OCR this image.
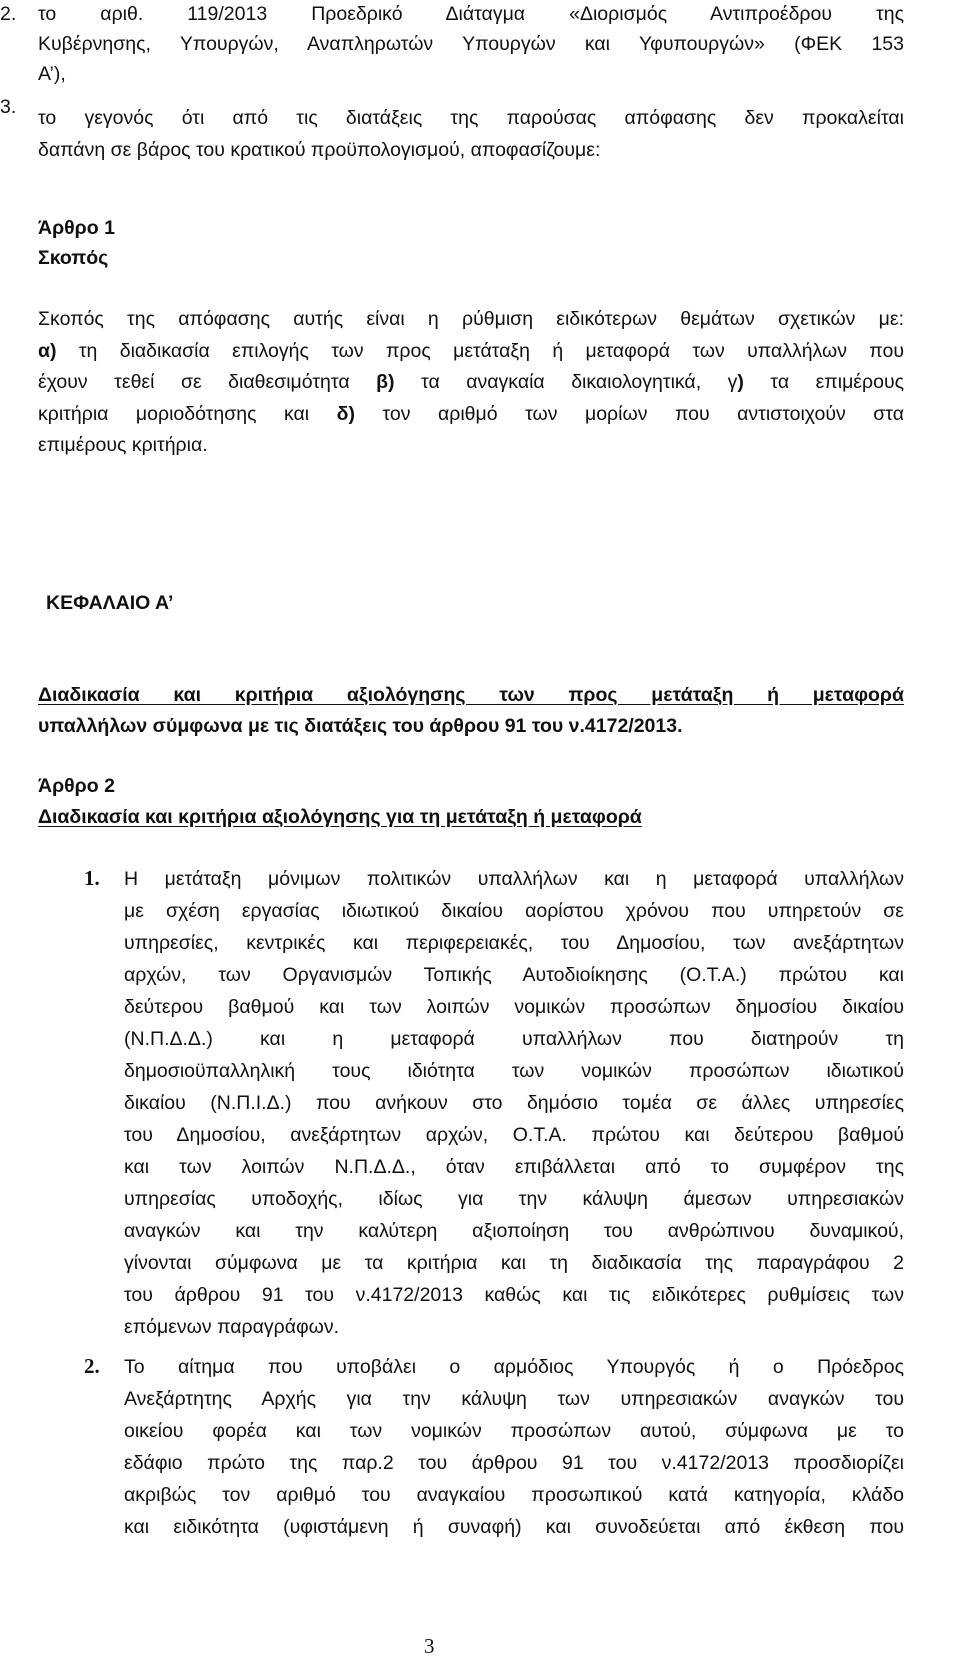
2. το αριθ. 119/2013 Προεδρικό Διάταγμα «Διορισμός Αντιπροέδρου της
Κυβέρνησης, Υπουργών, Αναπληρωτών Υπουργών και Υφυπουργών» (ΦΕΚ 153
Α’),
3. το γεγονός ότι από τις διατάξεις της παρούσας απόφασης δεν προκαλείται
δαπάνη σε βάρος του κρατικού προϋπολογισμού, αποφασίζουμε:
Άρθρο 1
Σκοπός
Σκοπός της απόφασης αυτής είναι η ρύθμιση ειδικότερων θεμάτων σχετικών με:
α) τη διαδικασία επιλογής των προς μετάταξη ή μεταφορά των υπαλλήλων που
έχουν τεθεί σε διαθεσιμότητα β) τα αναγκαία δικαιολογητικά, γ) τα επιμέρους
κριτήρια μοριοδότησης και δ) τον αριθμό των μορίων που αντιστοιχούν στα
επιμέρους κριτήρια.
ΚΕΦΑΛΑΙΟ Α’
Διαδικασία και κριτήρια αξιολόγησης των προς μετάταξη ή μεταφορά
υπαλλήλων σύμφωνα με τις διατάξεις του άρθρου 91 του ν.4172/2013.
Άρθρο 2
Διαδικασία και κριτήρια αξιολόγησης για τη μετάταξη ή μεταφορά
1. Η μετάταξη μόνιμων πολιτικών υπαλλήλων και η μεταφορά υπαλλήλων
με σχέση εργασίας ιδιωτικού δικαίου αορίστου χρόνου που υπηρετούν σε
υπηρεσίες, κεντρικές και περιφερειακές, του Δημοσίου, των ανεξάρτητων
αρχών, των Οργανισμών Τοπικής Αυτοδιοίκησης (Ο.Τ.Α.) πρώτου και
δεύτερου βαθμού και των λοιπών νομικών προσώπων δημοσίου δικαίου
(Ν.Π.Δ.Δ.) και η μεταφορά υπαλλήλων που διατηρούν τη
δημοσιοϋπαλληλική τους ιδιότητα των νομικών προσώπων ιδιωτικού
δικαίου (Ν.Π.Ι.Δ.) που ανήκουν στο δημόσιο τομέα σε άλλες υπηρεσίες
του Δημοσίου, ανεξάρτητων αρχών, Ο.Τ.Α. πρώτου και δεύτερου βαθμού
και των λοιπών Ν.Π.Δ.Δ., όταν επιβάλλεται από το συμφέρον της
υπηρεσίας υποδοχής, ιδίως για την κάλυψη άμεσων υπηρεσιακών
αναγκών και την καλύτερη αξιοποίηση του ανθρώπινου δυναμικού,
γίνονται σύμφωνα με τα κριτήρια και τη διαδικασία της παραγράφου 2
του άρθρου 91 του ν.4172/2013 καθώς και τις ειδικότερες ρυθμίσεις των
επόμενων παραγράφων.
2. Το αίτημα που υποβάλει ο αρμόδιος Υπουργός ή ο Πρόεδρος
Ανεξάρτητης Αρχής για την κάλυψη των υπηρεσιακών αναγκών του
οικείου φορέα και των νομικών προσώπων αυτού, σύμφωνα με το
εδάφιο πρώτο της παρ.2 του άρθρου 91 του ν.4172/2013 προσδιορίζει
ακριβώς τον αριθμό του αναγκαίου προσωπικού κατά κατηγορία, κλάδο
και ειδικότητα (υφιστάμενη ή συναφή) και συνοδεύεται από έκθεση που
3
